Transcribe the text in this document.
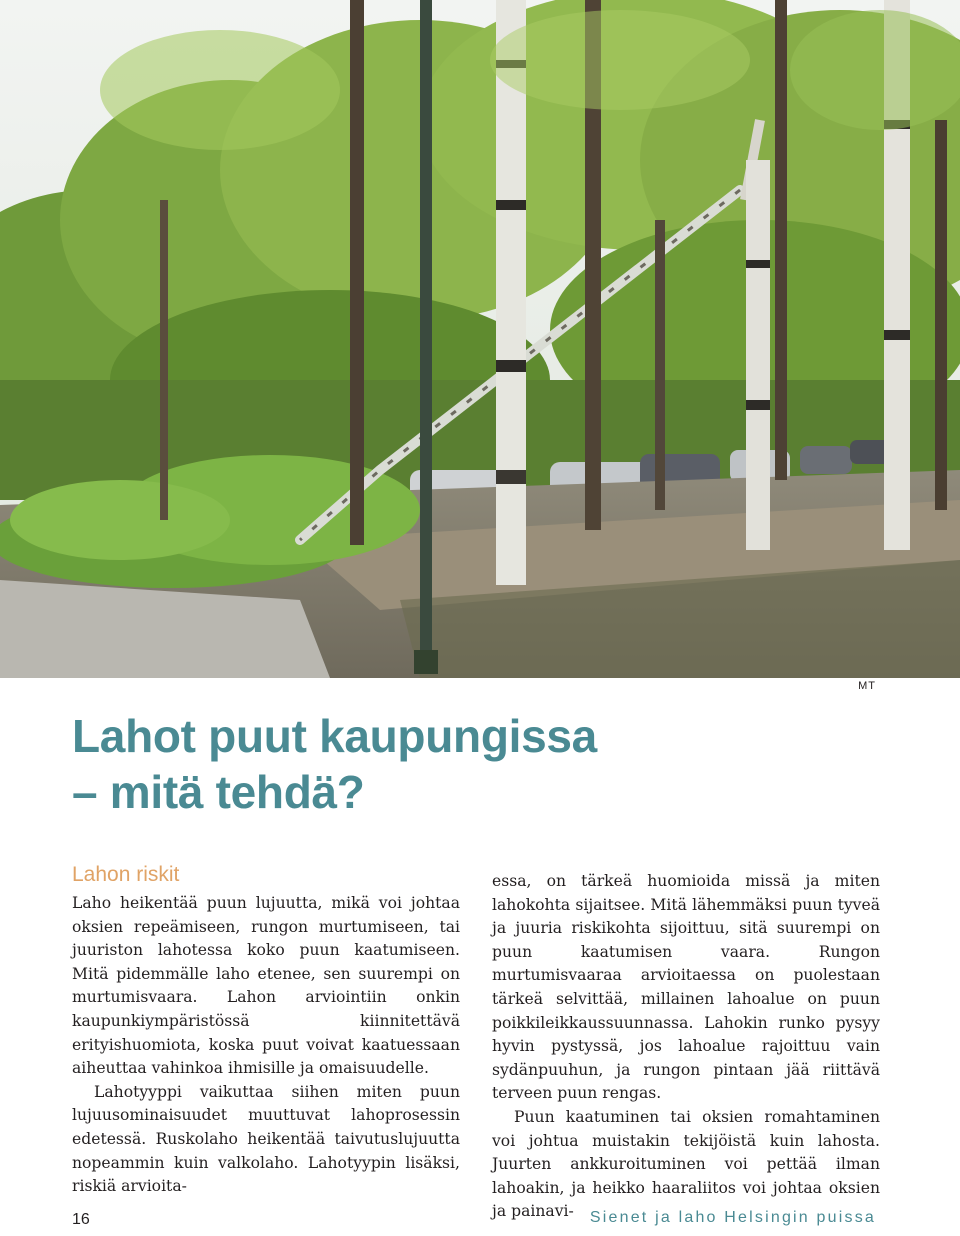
MT
Lahot puut kaupungissa
– mitä tehdä?
Lahon riskit

Laho heikentää puun lujuutta, mikä voi johtaa oksien repeämiseen, rungon murtumiseen, tai juuriston lahotessa koko puun kaatumiseen. Mitä pidemmälle laho etenee, sen suurempi on murtumisvaara. Lahon arviointiin onkin kaupunkiympäristössä kiinnitettävä erityishuomiota, koska puut voivat kaatuessaan aiheuttaa vahinkoa ihmisille ja omaisuudelle.

Lahotyyppi vaikuttaa siihen miten puun lujuusominaisuudet muuttuvat lahoprosessin edetessä. Ruskolaho heikentää taivutuslujuutta nopeammin kuin valkolaho. Lahotyypin lisäksi, riskiä arvioita-

essa, on tärkeä huomioida missä ja miten lahokohta sijaitsee. Mitä lähemmäksi puun tyveä ja juuria riskikohta sijoittuu, sitä suurempi on puun kaatumisen vaara. Rungon murtumisvaaraa arvioitaessa on puolestaan tärkeä selvittää, millainen lahoalue on puun poikkileikkaussuunnassa. Lahokin runko pysyy hyvin pystyssä, jos lahoalue rajoittuu vain sydänpuuhun, ja rungon pintaan jää riittävä terveen puun rengas.

Puun kaatuminen tai oksien romahtaminen voi johtua muistakin tekijöistä kuin lahosta. Juurten ankkuroituminen voi pettää ilman lahoakin, ja heikko haaraliitos voi johtaa oksien ja painavi-

16	Sienet ja laho Helsingin puissa
